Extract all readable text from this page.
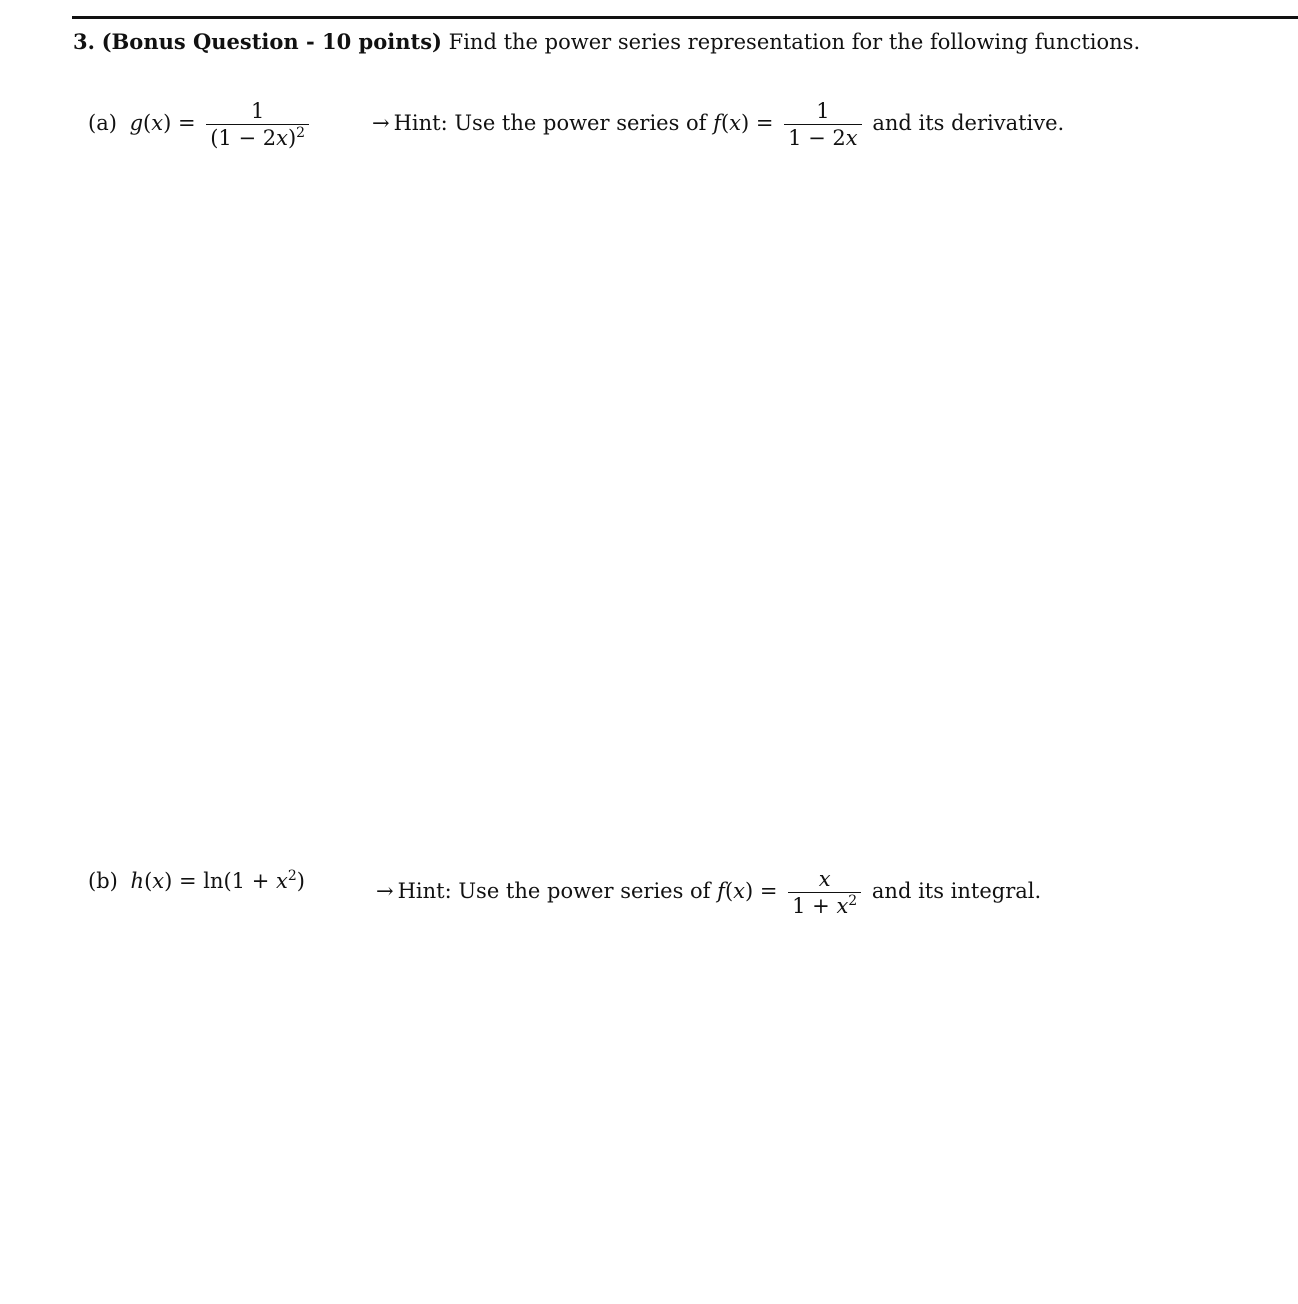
3. (Bonus Question - 10 points) Find the power series representation for the following functions.
(a) $g(x) = \frac{1}{(1 - 2x)^2}$	→ Hint: Use the power series of $f(x) = \frac{1}{1 - 2x}$ and its derivative.
(b) $h(x) = \ln(1 + x^2)$	→ Hint: Use the power series of $f(x) = \frac{x}{1 + x^2}$ and its integral.
